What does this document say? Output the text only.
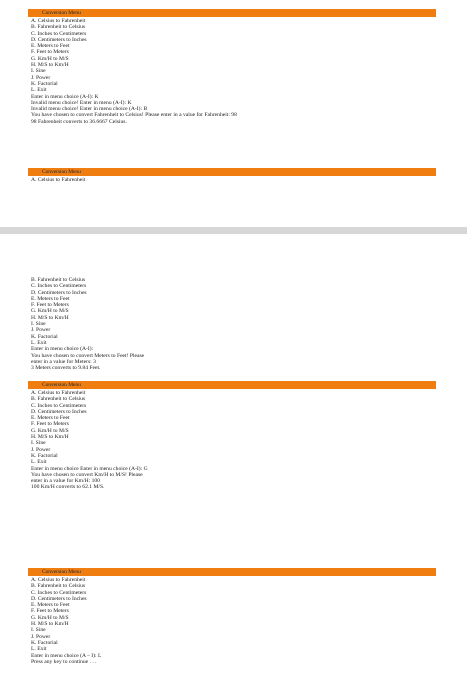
Conversion Menu
A. Celsius to Fahrenheit
B. Fahrenheit to Celsius
C. Inches to Centimeters
D. Centimeters to Inches
E. Meters to Feet
F. Feet to Meters
G. Km/H to M/S
H. M/S to Km/H
I. Sine
J. Power
K. Factorial
L. Exit
Enter in menu choice (A-I): K
Invalid menu choice! Enter in menu (A-I): K
Invalid menu choice! Enter in menu choice (A-I): B
You have chosen to convert Fahrenheit to Celsius! Please enter in a value for Fahrenheit: 98
98 Fahrenheit converts to 36.6667 Celsius.
Conversion Menu
A. Celsius to Fahrenheit
B. Fahrenheit to Celsius
C. Inches to Centimeters
D. Centimeters to Inches
E. Meters to Feet
F. Feet to Meters
G. Km/H to M/S
H. M/S to Km/H
I. Sine
J. Power
K. Factorial
L. Exit
Enter in menu choice (A-I):
You have chosen to convert Meters to Feet! Please
enter in a value for Meters: 3
3 Meters converts to 9.84 Feet.
Conversion Menu
A. Celsius to Fahrenheit
B. Fahrenheit to Celsius
C. Inches to Centimeters
D. Centimeters to Inches
E. Meters to Feet
F. Feet to Meters
G. Km/H to M/S
H. M/S to Km/H
I. Sine
J. Power
K. Factorial
L. Exit
Enter in menu choice Enter in menu choice (A-I): G
You have chosen to convert Km/H to M/S! Please
enter in a value for Km/H: 100
100 Km/H converts to 62.1 M/S.
Conversion Menu
A. Celsius to Fahrenheit
B. Fahrenheit to Celsius
C. Inches to Centimeters
D. Centimeters to Inches
E. Meters to Feet
F. Feet to Meters
G. Km/H to M/S
H. M/S to Km/H
I. Sine
J. Power
K. Factorial
L. Exit
Enter in menu choice (A – I): L
Press any key to continue . . .
